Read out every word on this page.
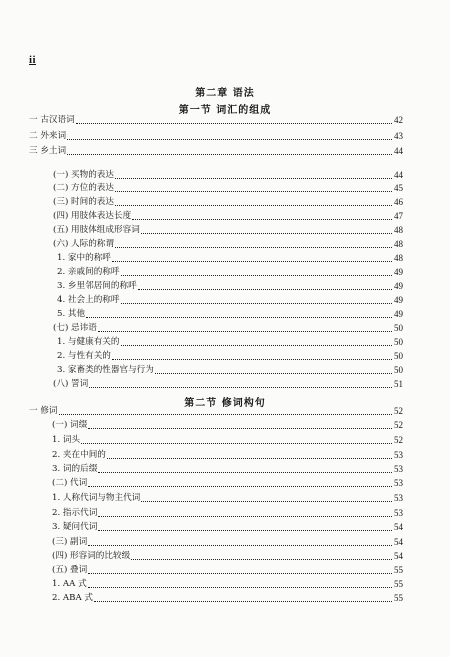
ii
第二章 语法
第一节 词汇的组成
一 古汉语词	42
二 外来词	43
三 乡土词	44
(一) 买物的表达	44
(二) 方位的表达	45
(三) 时间的表达	46
(四) 用肢体表达长度	47
(五) 用肢体组成形容词	48
(六) 人际的称谓	48
1. 家中的称呼	48
2. 亲戚间的称呼	49
3. 乡里邻居间的称呼	49
4. 社会上的称呼	49
5. 其他	49
(七) 忌讳语	50
1. 与健康有关的	50
2. 与性有关的	50
3. 家畜类的性器官与行为	50
(八) 詈词	51
第二节 修词构句
一 修词	52
(一) 词缀	52
1. 词头	52
2. 夹在中间的	53
3. 词的后缀	53
(二) 代词	53
1. 人称代词与物主代词	53
2. 指示代词	53
3. 疑问代词	54
(三) 副词	54
(四) 形容词的比较级	54
(五) 叠词	55
1. AA 式	55
2. ABA 式	55
